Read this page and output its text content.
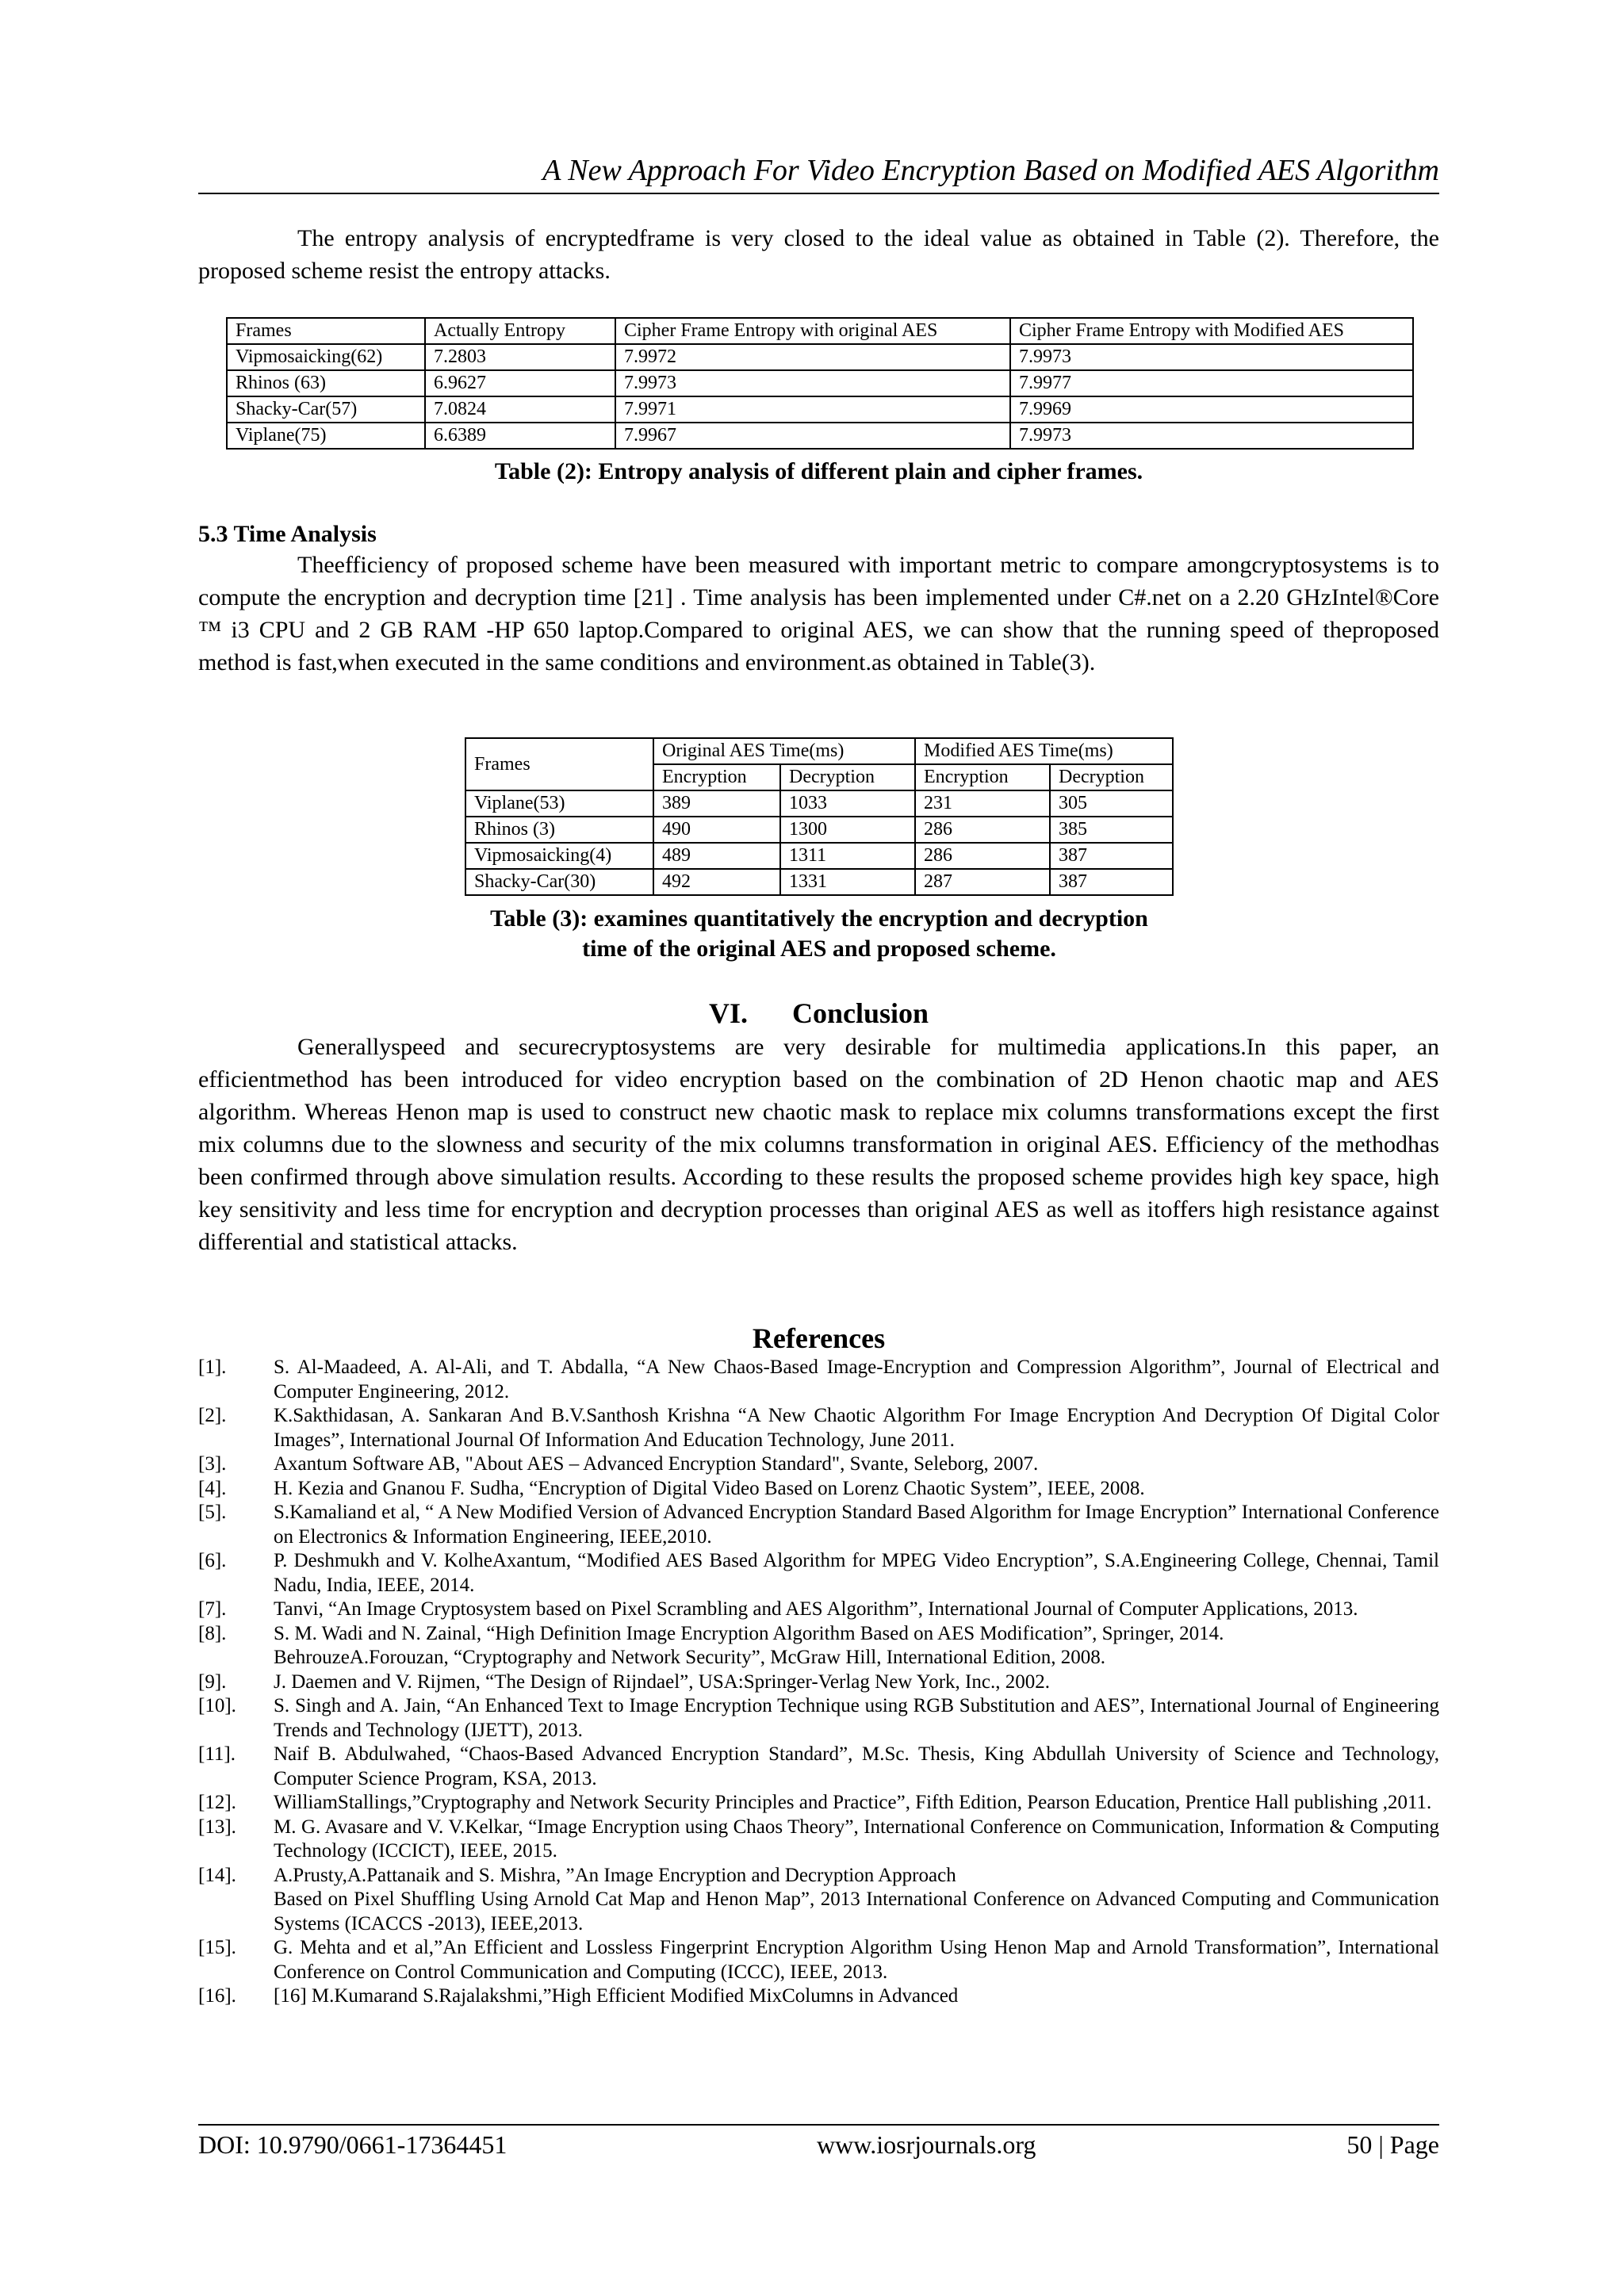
A New Approach For Video Encryption Based on Modified AES Algorithm

The entropy analysis of encryptedframe is very closed to the ideal value as obtained in Table (2). Therefore, the proposed scheme resist the entropy attacks.

Frames	Actually Entropy	Cipher Frame Entropy with original AES	Cipher Frame Entropy with Modified AES
Vipmosaicking(62)	7.2803	7.9972	7.9973
Rhinos (63)	6.9627	7.9973	7.9977
Shacky-Car(57)	7.0824	7.9971	7.9969
Viplane(75)	6.6389	7.9967	7.9973

Table (2): Entropy analysis of different plain and cipher frames.

5.3 Time Analysis

Theefficiency of proposed scheme have been measured with important metric to compare amongcryptosystems is to compute the encryption and decryption time [21] . Time analysis has been implemented under C#.net on a 2.20 GHzIntel®Core ™ i3 CPU and 2 GB RAM -HP 650 laptop.Compared to original AES, we can show that the running speed of theproposed method is fast,when executed in the same conditions and environment.as obtained in Table(3).

Frames	Original AES Time(ms)		Modified AES Time(ms)	
	Encryption	Decryption	Encryption	Decryption
Viplane(53)	389	1033	231	305
Rhinos (3)	490	1300	286	385
Vipmosaicking(4)	489	1311	286	387
Shacky-Car(30)	492	1331	287	387
Table (3): examines quantitatively the encryption and decryption
time of the original AES and proposed scheme.
VI. Conclusion

Generallyspeed and securecryptosystems are very desirable for multimedia applications.In this paper, an efficientmethod has been introduced for video encryption based on the combination of 2D Henon chaotic map and AES algorithm. Whereas Henon map is used to construct new chaotic mask to replace mix columns transformations except the first mix columns due to the slowness and security of the mix columns transformation in original AES. Efficiency of the methodhas been confirmed through above simulation results. According to these results the proposed scheme provides high key space, high key sensitivity and less time for encryption and decryption processes than original AES as well as itoffers high resistance against differential and statistical attacks.

References
[1].	S. Al-Maadeed, A. Al-Ali, and T. Abdalla, “A New Chaos-Based Image-Encryption and Compression Algorithm”, Journal of Electrical and Computer Engineering, 2012.
[2].	K.Sakthidasan, A. Sankaran And B.V.Santhosh Krishna “A New Chaotic Algorithm For Image Encryption And Decryption Of Digital Color Images”, International Journal Of Information And Education Technology, June 2011.
[3].	Axantum Software AB, "About AES – Advanced Encryption Standard", Svante, Seleborg, 2007.
[4].	H. Kezia and Gnanou F. Sudha, “Encryption of Digital Video Based on Lorenz Chaotic System”, IEEE, 2008.
[5].	S.Kamaliand et al, “ A New Modified Version of Advanced Encryption Standard Based Algorithm for Image Encryption” International Conference on Electronics & Information Engineering, IEEE,2010.
[6].	P. Deshmukh and V. KolheAxantum, “Modified AES Based Algorithm for MPEG Video Encryption”, S.A.Engineering College, Chennai, Tamil Nadu, India, IEEE, 2014.
[7].	Tanvi, “An Image Cryptosystem based on Pixel Scrambling and AES Algorithm”, International Journal of Computer Applications, 2013.
[8].	S. M. Wadi and N. Zainal, “High Definition Image Encryption Algorithm Based on AES Modification”, Springer, 2014.
BehrouzeA.Forouzan, “Cryptography and Network Security”, McGraw Hill, International Edition, 2008.
[9].	J. Daemen and V. Rijmen, “The Design of Rijndael”, USA:Springer-Verlag New York, Inc., 2002.
[10].	S. Singh and A. Jain, “An Enhanced Text to Image Encryption Technique using RGB Substitution and AES”, International Journal of Engineering Trends and Technology (IJETT), 2013.
[11].	Naif B. Abdulwahed, “Chaos-Based Advanced Encryption Standard”, M.Sc. Thesis, King Abdullah University of Science and Technology, Computer Science Program, KSA, 2013.
[12].	WilliamStallings,”Cryptography and Network Security Principles and Practice”, Fifth Edition, Pearson Education, Prentice Hall publishing ,2011.
[13].	M. G. Avasare and V. V.Kelkar, “Image Encryption using Chaos Theory”, International Conference on Communication, Information & Computing Technology (ICCICT), IEEE, 2015.
[14].	A.Prusty,A.Pattanaik and S. Mishra, ”An Image Encryption and Decryption Approach
Based on Pixel Shuffling Using Arnold Cat Map and Henon Map”, 2013 International Conference on Advanced Computing and Communication Systems (ICACCS -2013), IEEE,2013.
[15].	G. Mehta and et al,”An Efficient and Lossless Fingerprint Encryption Algorithm Using Henon Map and Arnold Transformation”, International Conference on Control Communication and Computing (ICCC), IEEE, 2013.
[16].	[16] M.Kumarand S.Rajalakshmi,”High Efficient Modified MixColumns in Advanced
DOI: 10.9790/0661-17364451	www.iosrjournals.org	50 | Page
